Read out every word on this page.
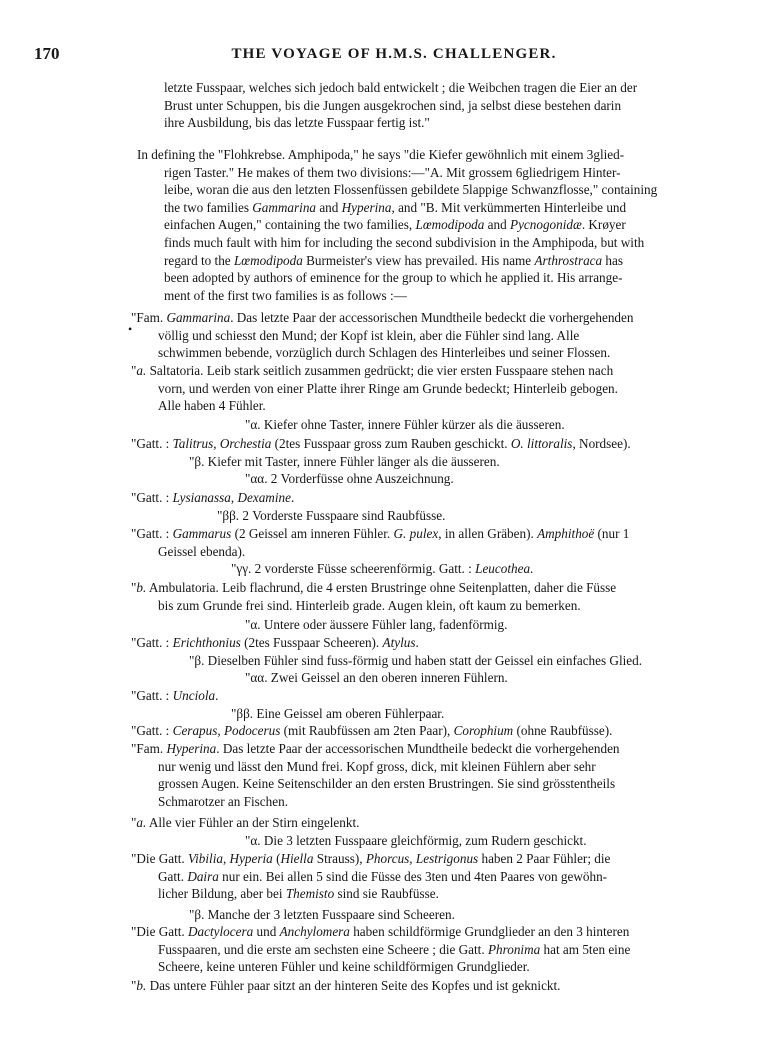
170	THE VOYAGE OF H.M.S. CHALLENGER.
•
letzte Fusspaar, welches sich jedoch bald entwickelt ; die Weibchen tragen die Eier an der
Brust unter Schuppen, bis die Jungen ausgekrochen sind, ja selbst diese bestehen darin
ihre Ausbildung, bis das letzte Fusspaar fertig ist."
In defining the "Flohkrebse. Amphipoda," he says "die Kiefer gewöhnlich mit einem 3glied-
rigen Taster." He makes of them two divisions:—"A. Mit grossem 6gliedrigem Hinter-
leibe, woran die aus den letzten Flossenfüssen gebildete 5lappige Schwanzflosse," containing
the two families Gammarina and Hyperina, and "B. Mit verkümmerten Hinterleibe und
einfachen Augen," containing the two families, Lœmodipoda and Pycnogonidæ. Krøyer
finds much fault with him for including the second subdivision in the Amphipoda, but with
regard to the Lœmodipoda Burmeister's view has prevailed. His name Arthrostraca has
been adopted by authors of eminence for the group to which he applied it. His arrange-
ment of the first two families is as follows :—
"Fam. Gammarina. Das letzte Paar der accessorischen Mundtheile bedeckt die vorhergehenden
völlig und schiesst den Mund; der Kopf ist klein, aber die Fühler sind lang. Alle
schwimmen bebende, vorzüglich durch Schlagen des Hinterleibes und seiner Flossen.
"a. Saltatoria. Leib stark seitlich zusammen gedrückt; die vier ersten Fusspaare stehen nach
vorn, und werden von einer Platte ihrer Ringe am Grunde bedeckt; Hinterleib gebogen.
Alle haben 4 Fühler.
"α. Kiefer ohne Taster, innere Fühler kürzer als die äusseren.
"Gatt. : Talitrus, Orchestia (2tes Fusspaar gross zum Rauben geschickt. O. littoralis, Nordsee).
"β. Kiefer mit Taster, innere Fühler länger als die äusseren.
"αα. 2 Vorderfüsse ohne Auszeichnung.
"Gatt. : Lysianassa, Dexamine.
"ββ. 2 Vorderste Fusspaare sind Raubfüsse.
"Gatt. : Gammarus (2 Geissel am inneren Fühler. G. pulex, in allen Gräben). Amphithoë (nur 1
Geissel ebenda).
"γγ. 2 vorderste Füsse scheerenförmig. Gatt. : Leucothea.
"b. Ambulatoria. Leib flachrund, die 4 ersten Brustringe ohne Seitenplatten, daher die Füsse
bis zum Grunde frei sind. Hinterleib grade. Augen klein, oft kaum zu bemerken.
"α. Untere oder äussere Fühler lang, fadenförmig.
"Gatt. : Erichthonius (2tes Fusspaar Scheeren). Atylus.
"β. Dieselben Fühler sind fuss-förmig und haben statt der Geissel ein einfaches Glied.
"αα. Zwei Geissel an den oberen inneren Fühlern.
"Gatt. : Unciola.
"ββ. Eine Geissel am oberen Fühlerpaar.
"Gatt. : Cerapus, Podocerus (mit Raubfüssen am 2ten Paar), Corophium (ohne Raubfüsse).
"Fam. Hyperina. Das letzte Paar der accessorischen Mundtheile bedeckt die vorhergehenden
nur wenig und lässt den Mund frei. Kopf gross, dick, mit kleinen Fühlern aber sehr
grossen Augen. Keine Seitenschilder an den ersten Brustringen. Sie sind grösstentheils
Schmarotzer an Fischen.
"a. Alle vier Fühler an der Stirn eingelenkt.
"α. Die 3 letzten Fusspaare gleichförmig, zum Rudern geschickt.
"Die Gatt. Vibilia, Hyperia (Hiella Strauss), Phorcus, Lestrigonus haben 2 Paar Fühler; die
Gatt. Daira nur ein. Bei allen 5 sind die Füsse des 3ten und 4ten Paares von gewöhn-
licher Bildung, aber bei Themisto sind sie Raubfüsse.
"β. Manche der 3 letzten Fusspaare sind Scheeren.
"Die Gatt. Dactylocera und Anchylomera haben schildförmige Grundglieder an den 3 hinteren
Fusspaaren, und die erste am sechsten eine Scheere ; die Gatt. Phronima hat am 5ten eine
Scheere, keine unteren Fühler und keine schildförmigen Grundglieder.
"b. Das untere Fühler paar sitzt an der hinteren Seite des Kopfes und ist geknickt.
